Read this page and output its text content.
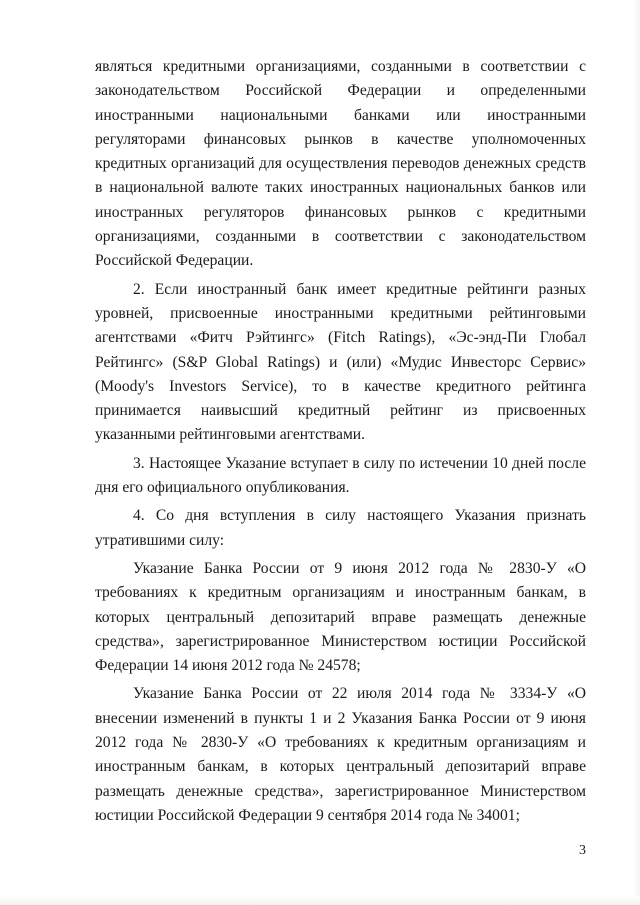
являться кредитными организациями, созданными в соответствии с законодательством Российской Федерации и определенными иностранными национальными банками или иностранными регуляторами финансовых рынков в качестве уполномоченных кредитных организаций для осуществления переводов денежных средств в национальной валюте таких иностранных национальных банков или иностранных регуляторов финансовых рынков с кредитными организациями, созданными в соответствии с законодательством Российской Федерации.

2. Если иностранный банк имеет кредитные рейтинги разных уровней, присвоенные иностранными кредитными рейтинговыми агентствами «Фитч Рэйтингс» (Fitch Ratings), «Эс-энд-Пи Глобал Рейтингс» (S&P Global Ratings) и (или) «Мудис Инвесторс Сервис» (Moody's Investors Service), то в качестве кредитного рейтинга принимается наивысший кредитный рейтинг из присвоенных указанными рейтинговыми агентствами.

3. Настоящее Указание вступает в силу по истечении 10 дней после дня его официального опубликования.

4. Со дня вступления в силу настоящего Указания признать утратившими силу:

Указание Банка России от 9 июня 2012 года № 2830-У «О требованиях к кредитным организациям и иностранным банкам, в которых центральный депозитарий вправе размещать денежные средства», зарегистрированное Министерством юстиции Российской Федерации 14 июня 2012 года № 24578;

Указание Банка России от 22 июля 2014 года № 3334-У «О внесении изменений в пункты 1 и 2 Указания Банка России от 9 июня 2012 года № 2830-У «О требованиях к кредитным организациям и иностранным банкам, в которых центральный депозитарий вправе размещать денежные средства», зарегистрированное Министерством юстиции Российской Федерации 9 сентября 2014 года № 34001;

3
